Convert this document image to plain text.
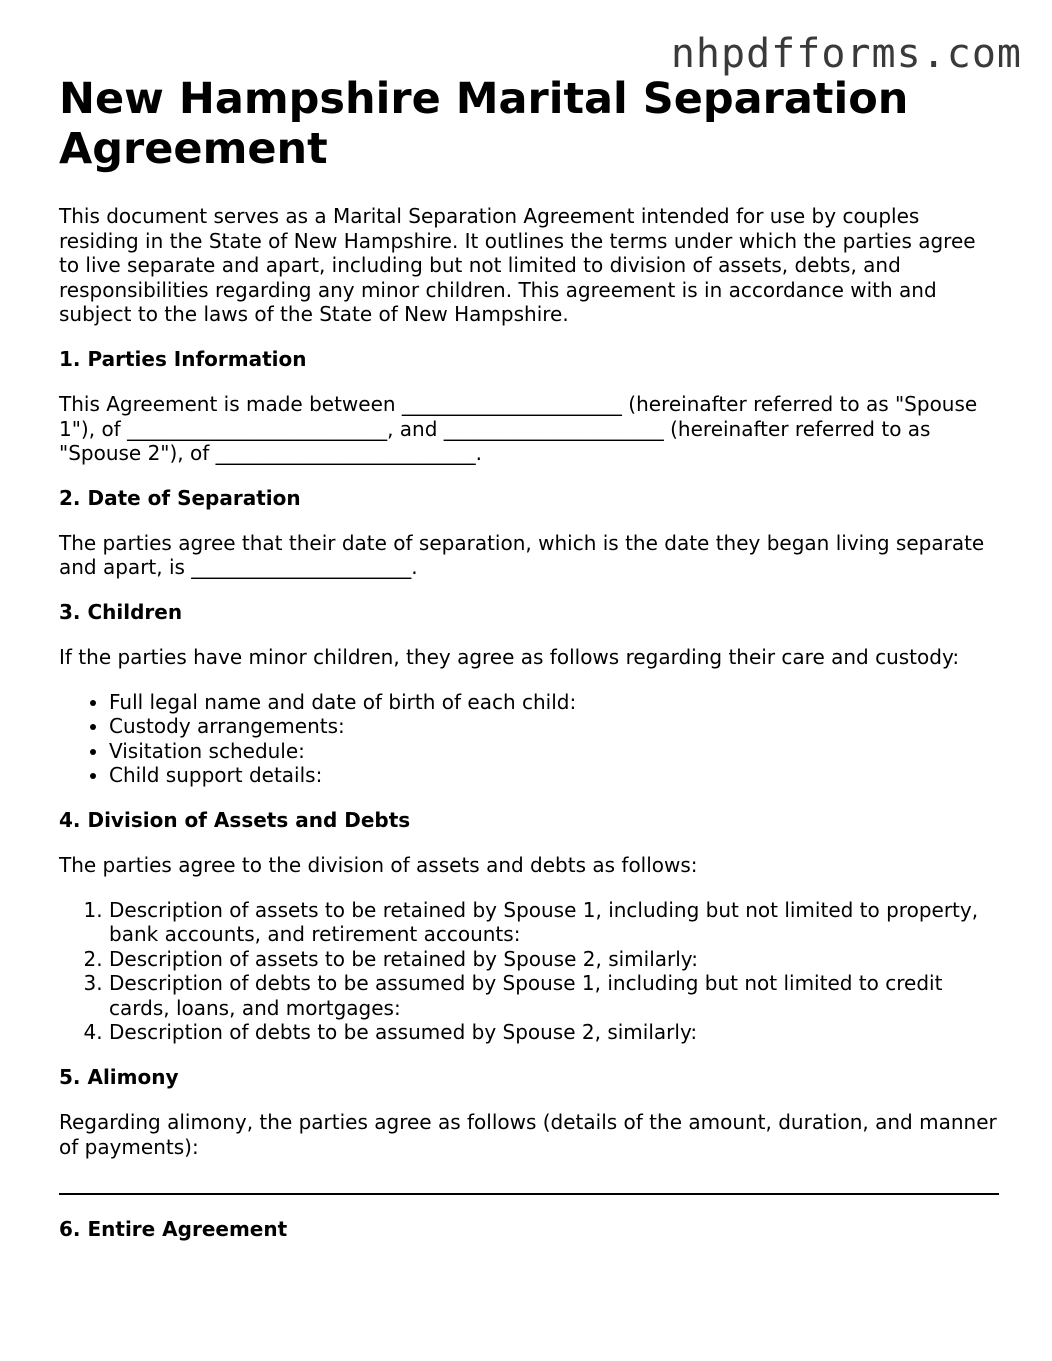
nhpdfforms.com
New Hampshire Marital Separation Agreement

This document serves as a Marital Separation Agreement intended for use by couples residing in the State of New Hampshire. It outlines the terms under which the parties agree to live separate and apart, including but not limited to division of assets, debts, and responsibilities regarding any minor children. This agreement is in accordance with and subject to the laws of the State of New Hampshire.

1. Parties Information

This Agreement is made between ______________________ (hereinafter referred to as "Spouse 1"), of __________________________, and ______________________ (hereinafter referred to as "Spouse 2"), of __________________________.

2. Date of Separation

The parties agree that their date of separation, which is the date they began living separate and apart, is ______________________.

3. Children

If the parties have minor children, they agree as follows regarding their care and custody:

• Full legal name and date of birth of each child:
• Custody arrangements:
• Visitation schedule:
• Child support details:
4. Division of Assets and Debts

The parties agree to the division of assets and debts as follows:

1. Description of assets to be retained by Spouse 1, including but not limited to property, bank accounts, and retirement accounts:
2. Description of assets to be retained by Spouse 2, similarly:
3. Description of debts to be assumed by Spouse 1, including but not limited to credit cards, loans, and mortgages:
4. Description of debts to be assumed by Spouse 2, similarly:
5. Alimony

Regarding alimony, the parties agree as follows (details of the amount, duration, and manner of payments):

6. Entire Agreement
